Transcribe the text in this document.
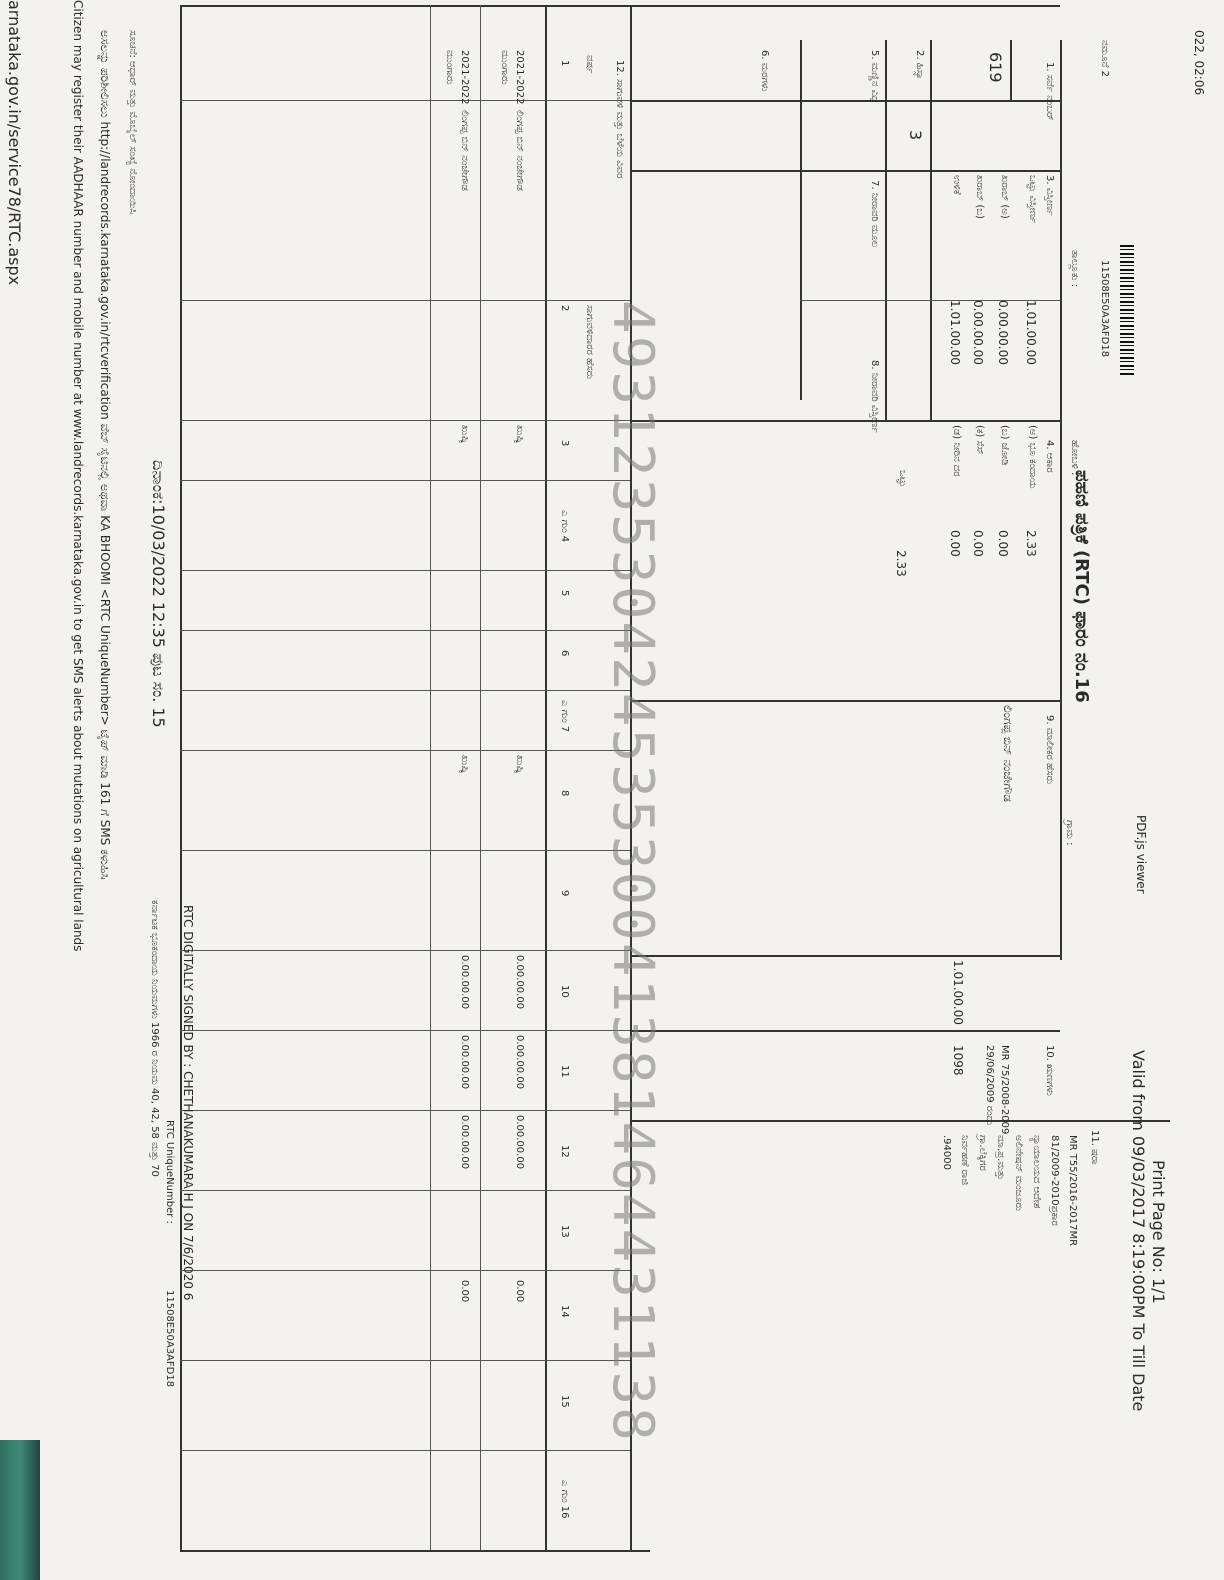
022, 02:06
PDF.js viewer
ಪಹಣಿ ಪತ್ರಿಕೆ (RTC) ಫಾರಂ ನಂ.16
Print Page No: 1/1
Valid from 09/03/2017 8:19:00PM To Till Date
ನಮೂನೆ 2
ಗ್ರಾಮ :
ತಾಲ್ಲೂಕು :
ಹೋಬಳಿ :
11508E50A3AFD18
1. ಸರ್ವೆ ನಂಬರ್
619
2. ಹಿಸ್ಸಾ
3
3. ವಿಸ್ತೀರ್ಣ
ಒಟ್ಟು ವಿಸ್ತೀರ್ಣ
1.01.00.00
ಖರಾಬ್ (ಅ)
0.00.00.00
ಖರಾಬ್ (ಬ)
0.00.00.00
ಉಳಿಕೆ
1.01.00.00
4. ಆಕಾರ
(ಅ) ಭೂ ಕಂದಾಯ
2.33
(ಬ) ಜೋಡಿ
0.00
(ಕ) ಸೆಸ್
0.00
(ಡ) ನೀರಿನ ದರ
0.00
2.33
ಒಟ್ಟು
5. ಮಣ್ಣಿನ ವಿಧ
6. ಮರಗಳು
7. ನೀರಾವರಿ ಮೂಲ
8. ನೀರಾವರಿ ವಿಸ್ತೀರ್ಣ
9. ಮಾಲೀಕರ ಹೆಸರು
ಲಿಂಗಪ್ಪ ಬಿನ್ ನಂಜೇಗೌಡ
1.01.00.00
1098	10. ಋಣಗಳು
MR 75/2008-2009
29/06/2009 ರಂದು
11. ಷರಾ
MR T55/2016-2017MR
81/2009-2010ಪ್ರಕಾರ
ನ್ಯಾಯಾಲಯದ ಆದೇಶ
ಅಲಿನೇಷನ್ ಮಂಜೂರು
ಮಾ.ಪ್ರ.ಮತ್ತು
ಗ್ರಾ.ಲೆಕ್ಕಿಗರ
ನಿರ್ವಹಣೆ ರಾಜಿ
.94000
12. ಸಾಗುವಳಿ ಮತ್ತು ಬೆಳೆಯ ವಿವರ
ವರ್ಷ
ಸಾಗುವಳಿದಾರರ ಹೆಸರು
1
2
3
ಎ ಗುಂ 4
5
6
ಎ ಗುಂ 7
8
9
10
11
12
13
14
15
ಎ ಗುಂ 16
2021-2022
ಮುಂಗಾರು
ಲಿಂಗಪ್ಪ ಬಿನ್ ನಂಜೇಗೌಡ
ಖುಷ್ಕಿ
ಖುಷ್ಕಿ
0.00.00.00
0.00.00.00
0.00.00.00
0.00
2021-2022
ಮುಂಗಾರು
ಲಿಂಗಪ್ಪ ಬಿನ್ ನಂಜೇಗೌಡ
ಖುಷ್ಕಿ
ಖುಷ್ಕಿ
0.00.00.00
0.00.00.00
0.00.00.00
0.00 49312353042453530041381464431138
ದಿನಾಂಕ:10/03/2022 12:35 ಪುಟ ಸಂ. 15
RTC DIGITALLY SIGNED BY : CHETHANAKUMARA H J ON 7/6/2020 6
RTC UniqueNumber :
11508E50A3AFD18
ಕರ್ನಾಟಕ ಭೂಕಂದಾಯ ನಿಯಮಗಳು 1966 ರ ನಿಯಮ 40, 42, 58 ಮತ್ತು 70
ಅಸಲನ್ನು ಪರಿಶೀಲಿಸಲು http://landrecords.karnataka.gov.in/rtcverification ವೆಬ್ ಸೈಟಿನಲ್ಲಿ ಅಥವಾ KA BHOOMI <RTC UniqueNumber> ಟೈಪ್ ಮಾಡಿ 161 ಗೆ SMS ಕಳುಹಿಸಿ
Citizen may register their AADHAAR number and mobile number at www.landrecords.karnataka.gov.in to get SMS alerts about mutations on agricultural lands	ಸೂಚನೆ: ಆಧಾರ್ ಮತ್ತು ಮೊಬೈಲ್ ಸಂಖ್ಯೆ ನೋಂದಾಯಿಸಿ
arnataka.gov.in/service78/RTC.aspx
